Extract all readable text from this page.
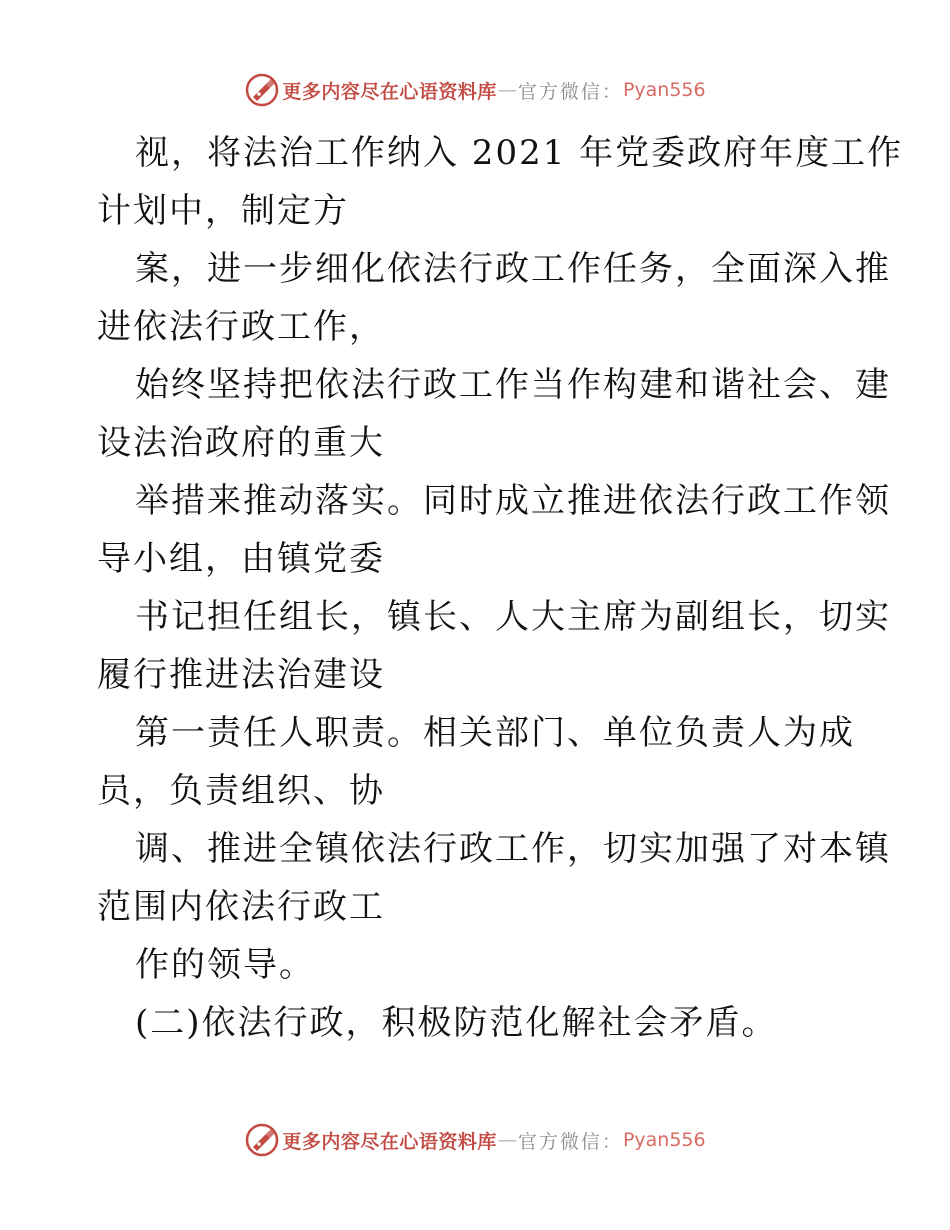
更多内容尽在心语资料库 — 官方微信： Pyan556
视，将法治工作纳入 2021 年党委政府年度工作
计划中，制定方
案，进一步细化依法行政工作任务，全面深入推
进依法行政工作，
始终坚持把依法行政工作当作构建和谐社会、建
设法治政府的重大
举措来推动落实。同时成立推进依法行政工作领
导小组，由镇党委
书记担任组长，镇长、人大主席为副组长，切实
履行推进法治建设
第一责任人职责。相关部门、单位负责人为成
员，负责组织、协
调、推进全镇依法行政工作，切实加强了对本镇
范围内依法行政工
作的领导。
(二)依法行政，积极防范化解社会矛盾。
更多内容尽在心语资料库 — 官方微信： Pyan556
